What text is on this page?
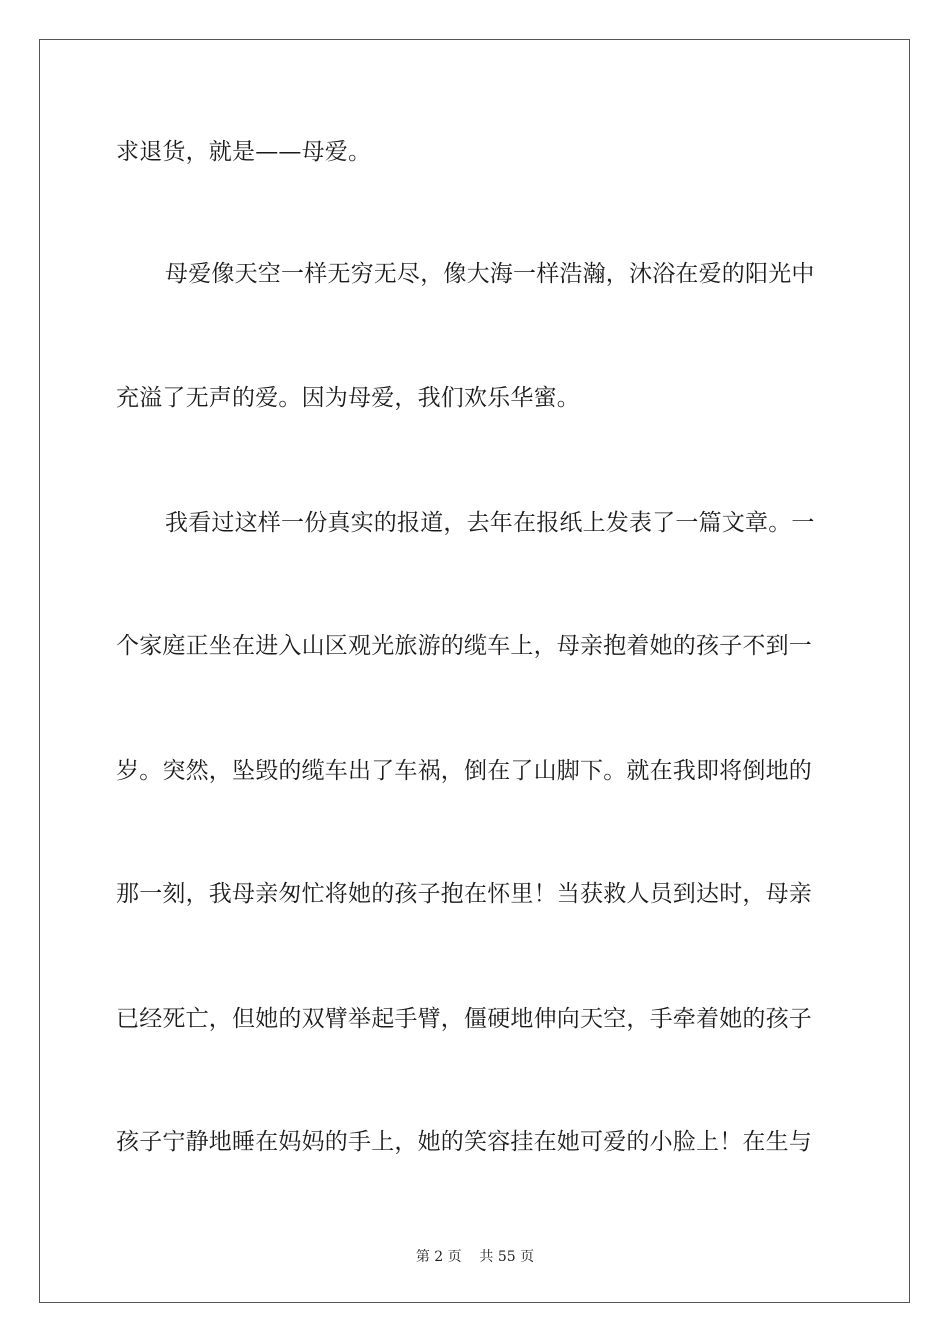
求退货，就是——母爱。
母爱像天空一样无穷无尽，像大海一样浩瀚，沐浴在爱的阳光中
充溢了无声的爱。因为母爱，我们欢乐华蜜。
我看过这样一份真实的报道，去年在报纸上发表了一篇文章。一
个家庭正坐在进入山区观光旅游的缆车上，母亲抱着她的孩子不到一
岁。突然，坠毁的缆车出了车祸，倒在了山脚下。就在我即将倒地的
那一刻，我母亲匆忙将她的孩子抱在怀里！当获救人员到达时，母亲
已经死亡，但她的双臂举起手臂，僵硬地伸向天空，手牵着她的孩子
孩子宁静地睡在妈妈的手上，她的笑容挂在她可爱的小脸上！在生与
第 2 页    共 55 页
